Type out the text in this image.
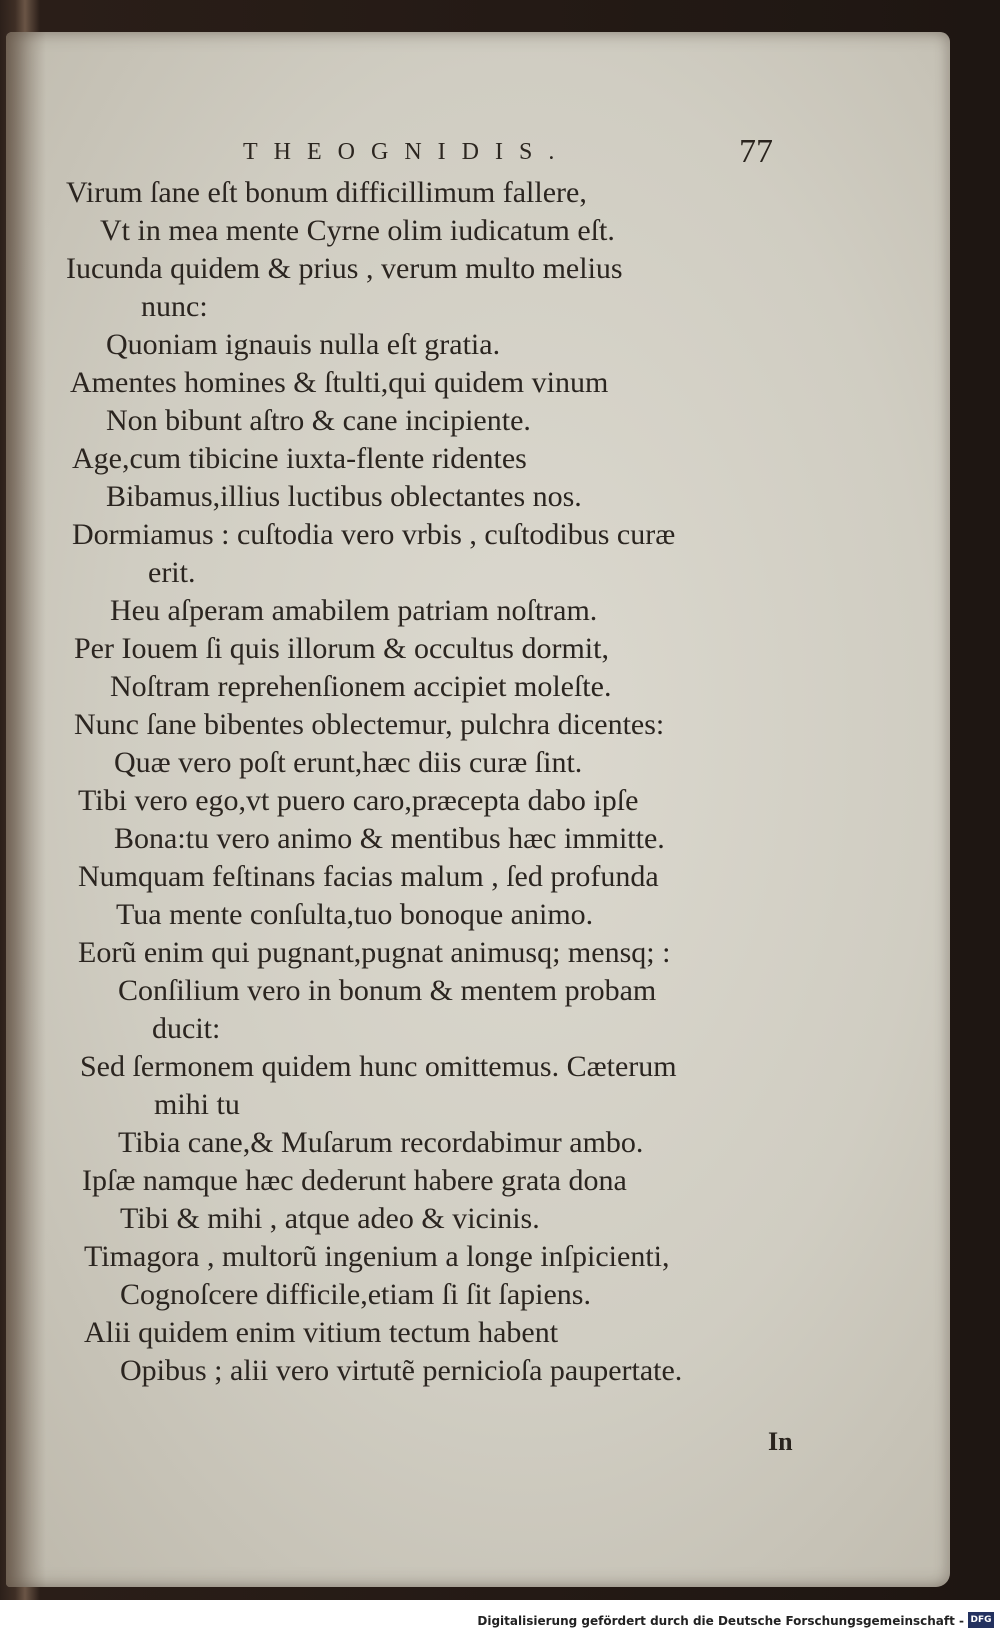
THEOGNIDIS.	77
Virum ſane eſt bonum difficillimum fallere,
Vt in mea mente Cyrne olim iudicatum eſt.
Iucunda quidem & prius , verum multo melius
nunc:
Quoniam ignauis nulla eſt gratia.
Amentes homines & ſtulti,qui quidem vinum
Non bibunt aſtro & cane incipiente.
Age,cum tibicine iuxta-flente ridentes
Bibamus,illius luctibus oblectantes nos.
Dormiamus : cuſtodia vero vrbis , cuſtodibus curæ
erit.
Heu aſperam amabilem patriam noſtram.
Per Iouem ſi quis illorum & occultus dormit,
Noſtram reprehenſionem accipiet moleſte.
Nunc ſane bibentes oblectemur, pulchra dicentes:
Quæ vero poſt erunt,hæc diis curæ ſint.
Tibi vero ego,vt puero caro,præcepta dabo ipſe
Bona:tu vero animo & mentibus hæc immitte.
Numquam feſtinans facias malum , ſed profunda
Tua mente conſulta,tuo bonoque animo.
Eorũ enim qui pugnant,pugnat animusq; mensq; :
Conſilium vero in bonum & mentem probam
ducit:
Sed ſermonem quidem hunc omittemus. Cæterum
mihi tu
Tibia cane,& Muſarum recordabimur ambo.
Ipſæ namque hæc dederunt habere grata dona
Tibi & mihi , atque adeo & vicinis.
Timagora , multorũ ingenium a longe inſpicienti,
Cognoſcere difficile,etiam ſi ſit ſapiens.
Alii quidem enim vitium tectum habent
Opibus ; alii vero virtutẽ pernicioſa paupertate.
In
Digitalisierung gefördert durch die Deutsche Forschungsgemeinschaft - DFG
